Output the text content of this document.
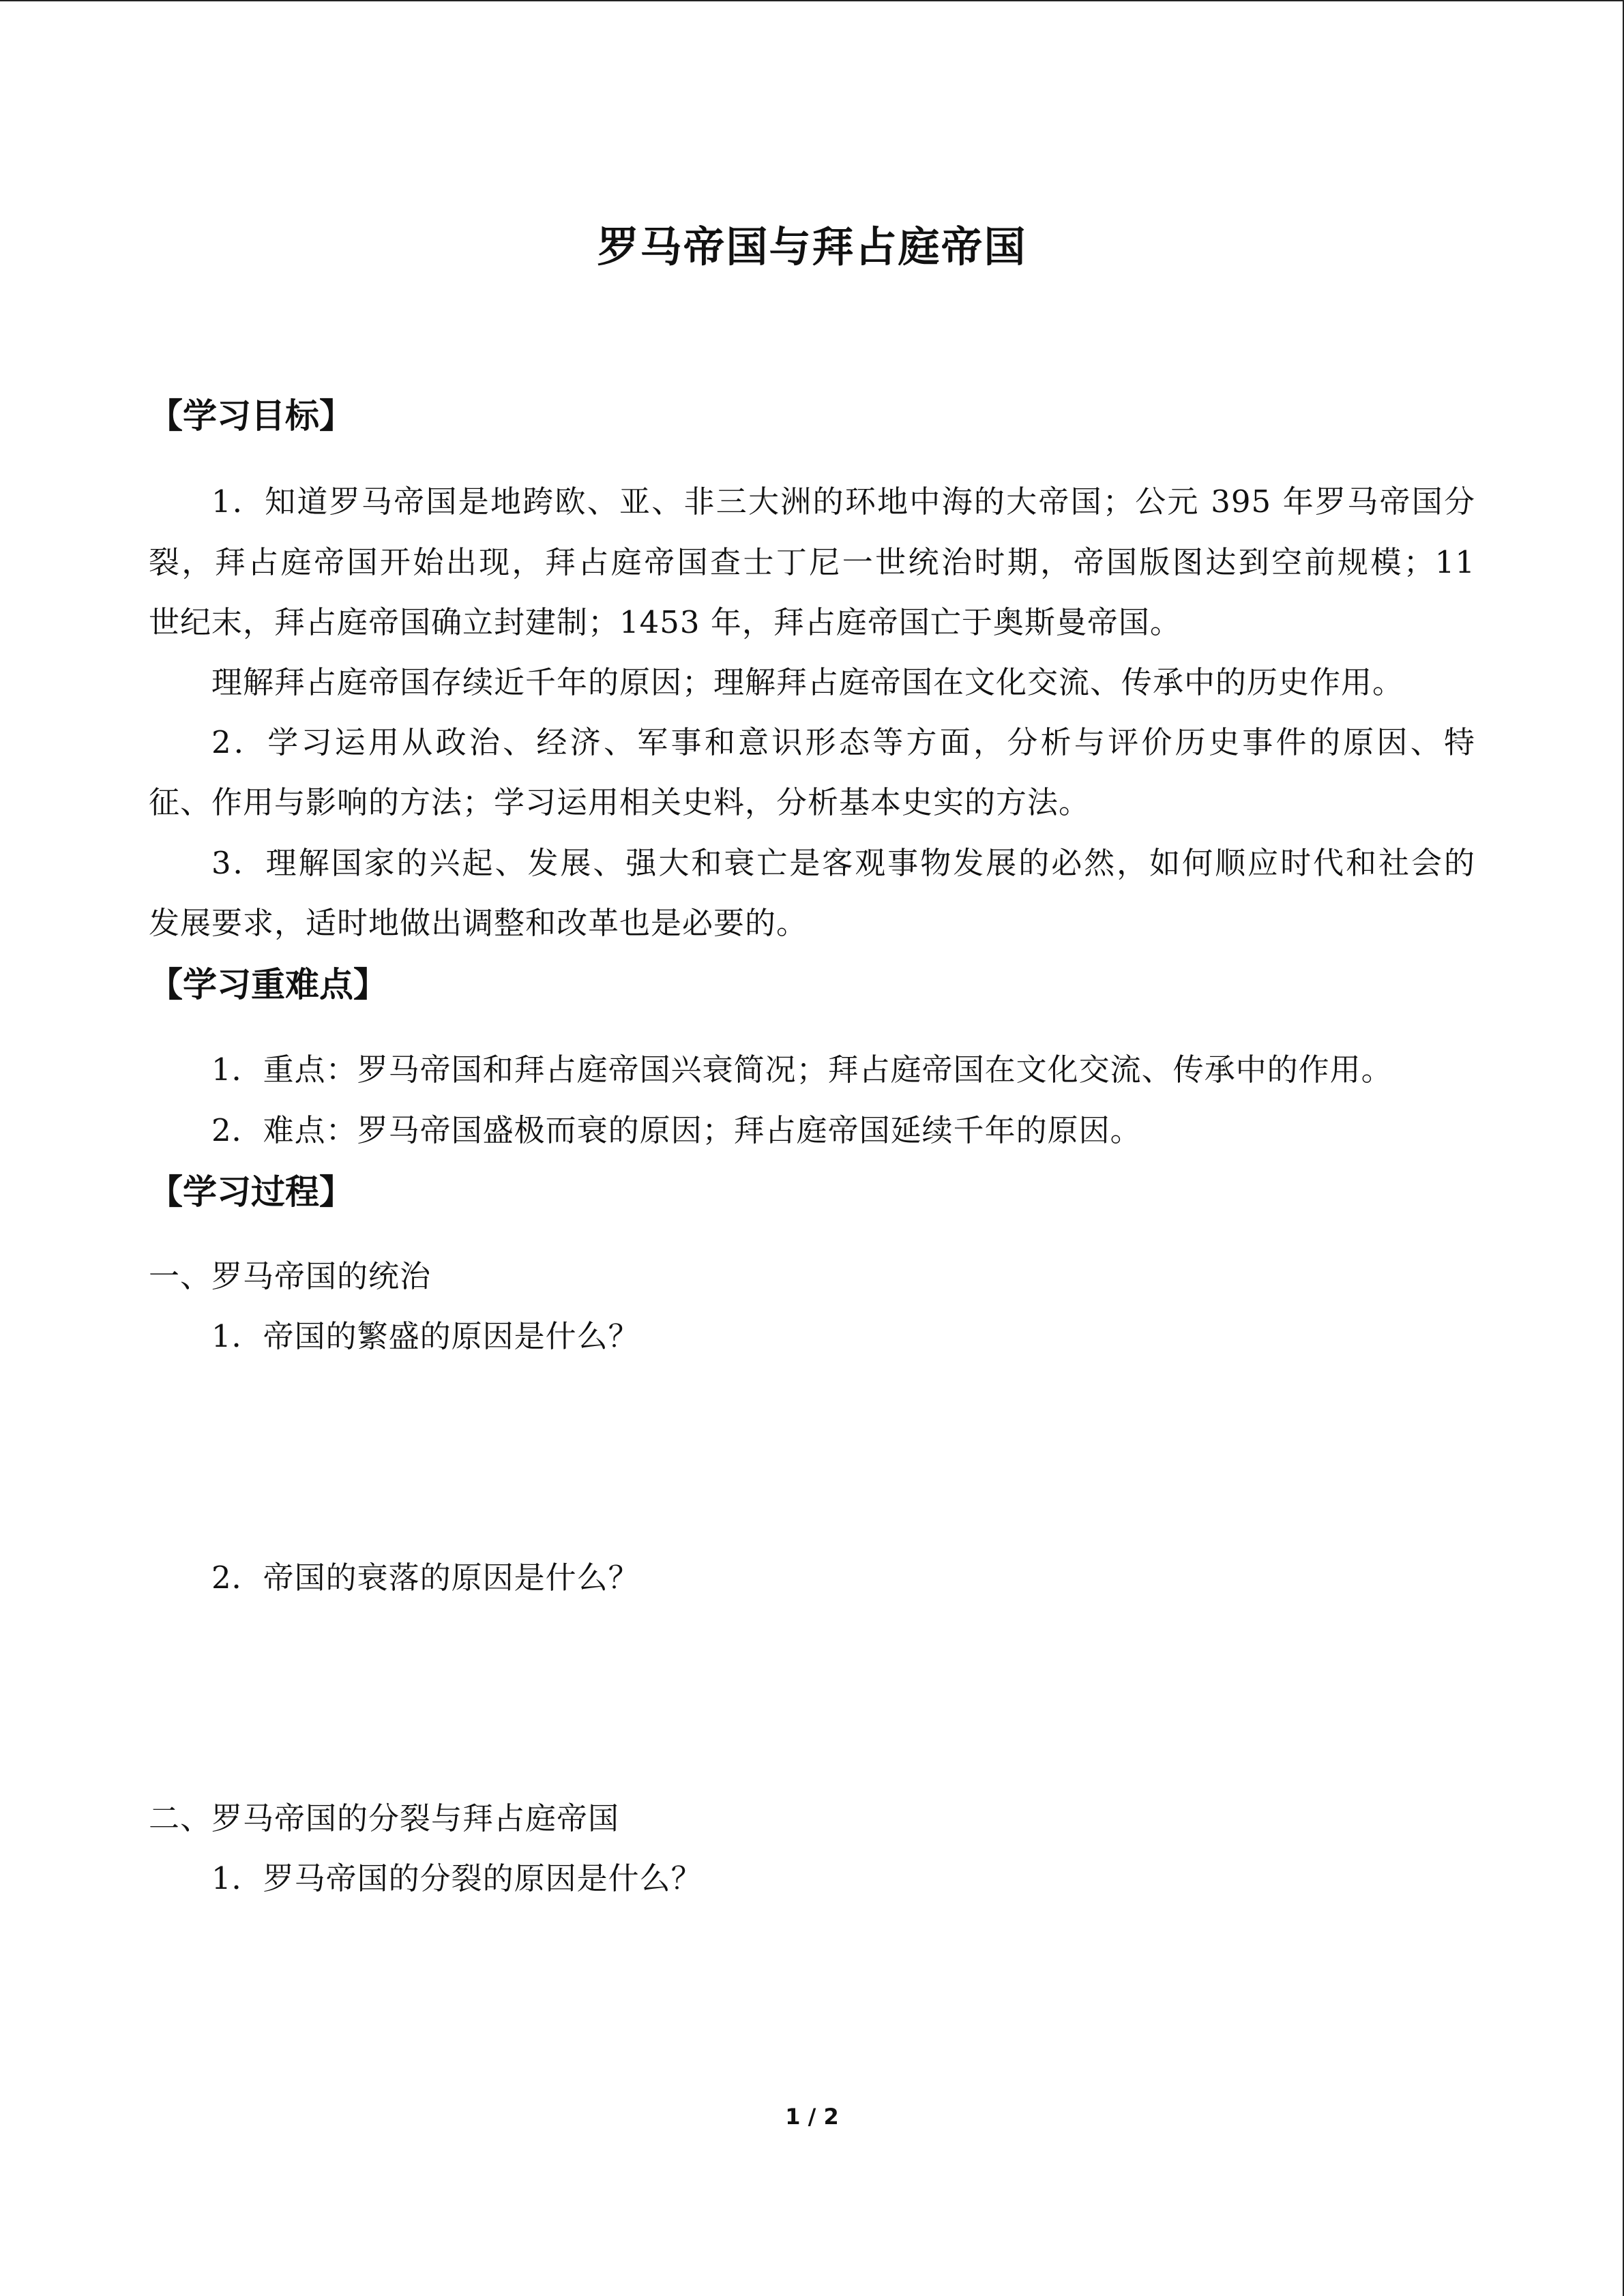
罗马帝国与拜占庭帝国
【学习目标】
1．知道罗马帝国是地跨欧、亚、非三大洲的环地中海的大帝国；公元 395 年罗马帝国分
裂，拜占庭帝国开始出现，拜占庭帝国查士丁尼一世统治时期，帝国版图达到空前规模；11
世纪末，拜占庭帝国确立封建制；1453 年，拜占庭帝国亡于奥斯曼帝国。
理解拜占庭帝国存续近千年的原因；理解拜占庭帝国在文化交流、传承中的历史作用。
2．学习运用从政治、经济、军事和意识形态等方面，分析与评价历史事件的原因、特
征、作用与影响的方法；学习运用相关史料，分析基本史实的方法。
3．理解国家的兴起、发展、强大和衰亡是客观事物发展的必然，如何顺应时代和社会的
发展要求，适时地做出调整和改革也是必要的。
【学习重难点】
1．重点：罗马帝国和拜占庭帝国兴衰简况；拜占庭帝国在文化交流、传承中的作用。
2．难点：罗马帝国盛极而衰的原因；拜占庭帝国延续千年的原因。
【学习过程】
一、罗马帝国的统治
1．帝国的繁盛的原因是什么？
2．帝国的衰落的原因是什么？
二、罗马帝国的分裂与拜占庭帝国
1．罗马帝国的分裂的原因是什么？
1 / 2
